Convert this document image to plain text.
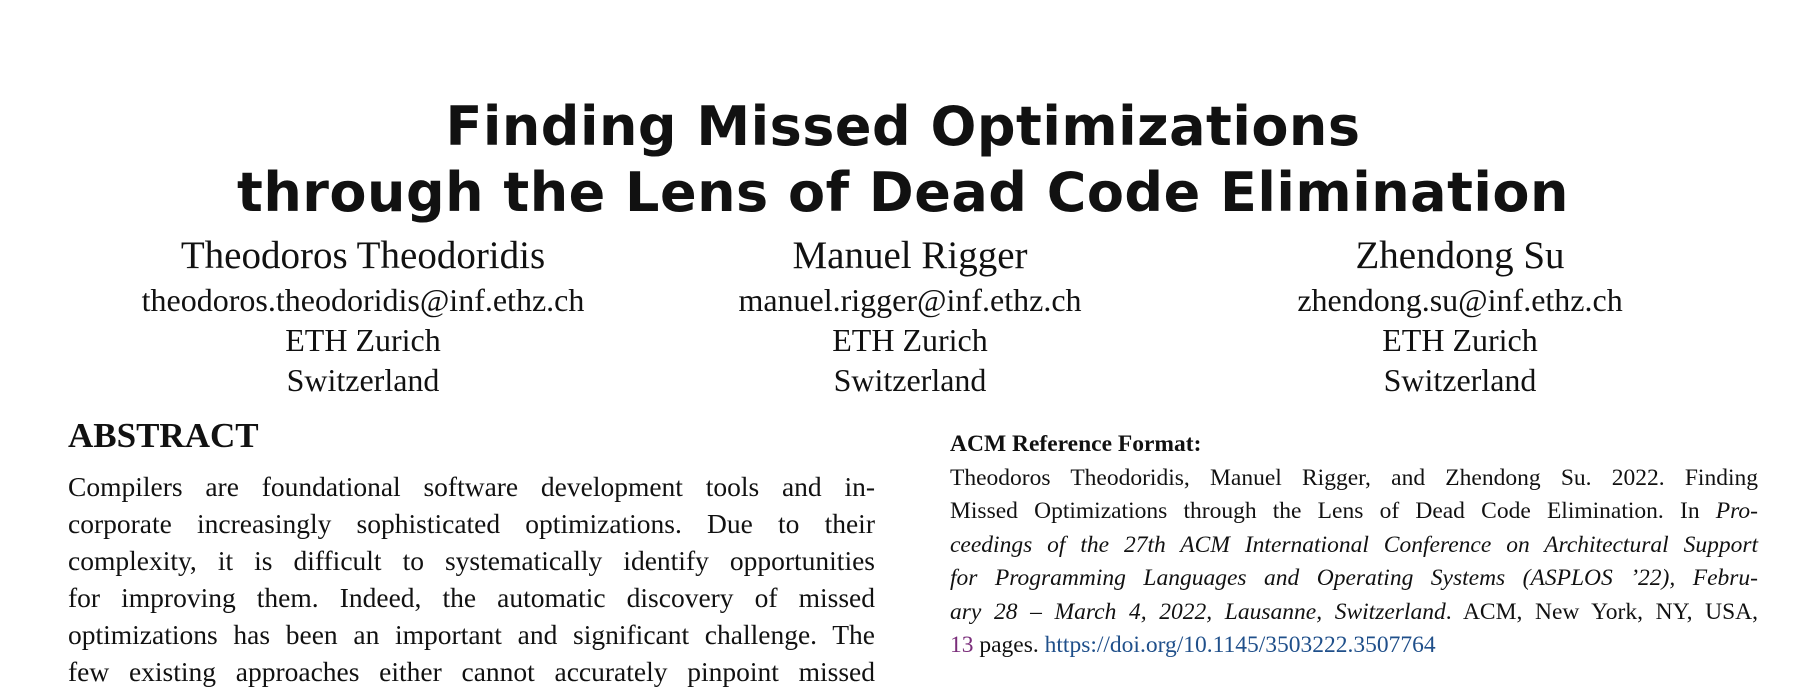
Finding Missed Optimizations
through the Lens of Dead Code Elimination
Theodoros Theodoridis
theodoros.theodoridis@inf.ethz.ch
ETH Zurich
Switzerland
Manuel Rigger
manuel.rigger@inf.ethz.ch
ETH Zurich
Switzerland
Zhendong Su
zhendong.su@inf.ethz.ch
ETH Zurich
Switzerland
ABSTRACT
Compilers are foundational software development tools and in-
corporate increasingly sophisticated optimizations. Due to their
complexity, it is difficult to systematically identify opportunities
for improving them. Indeed, the automatic discovery of missed
optimizations has been an important and significant challenge. The
few existing approaches either cannot accurately pinpoint missed
ACM Reference Format:
Theodoros Theodoridis, Manuel Rigger, and Zhendong Su. 2022. Finding
Missed Optimizations through the Lens of Dead Code Elimination. In Pro-
ceedings of the 27th ACM International Conference on Architectural Support
for Programming Languages and Operating Systems (ASPLOS ’22), Febru-
ary 28 – March 4, 2022, Lausanne, Switzerland. ACM, New York, NY, USA,
13 pages. https://doi.org/10.1145/3503222.3507764
